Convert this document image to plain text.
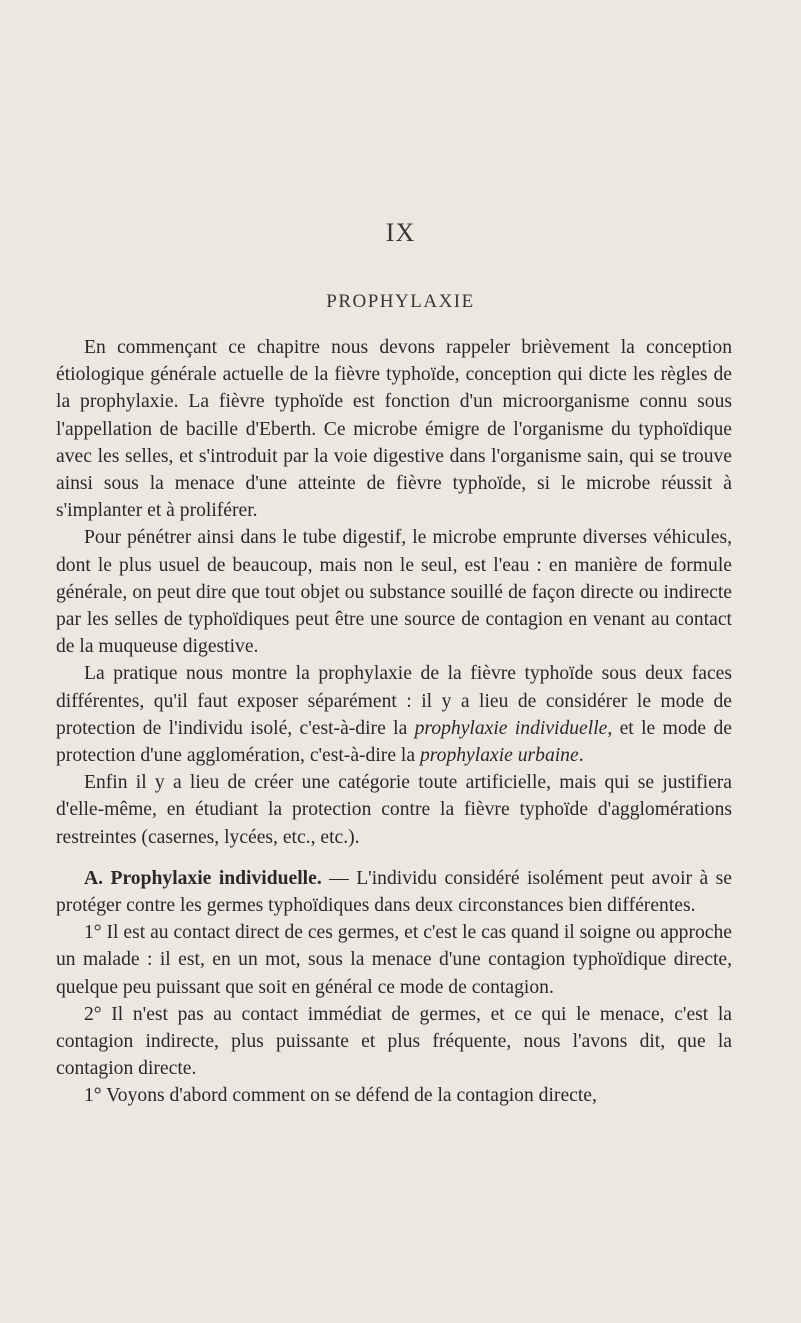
IX
PROPHYLAXIE

En commençant ce chapitre nous devons rappeler brièvement la conception étiologique générale actuelle de la fièvre typhoïde, conception qui dicte les règles de la prophylaxie. La fièvre typhoïde est fonction d'un microorganisme connu sous l'appellation de bacille d'Eberth. Ce microbe émigre de l'organisme du typhoïdique avec les selles, et s'introduit par la voie digestive dans l'organisme sain, qui se trouve ainsi sous la menace d'une atteinte de fièvre typhoïde, si le microbe réussit à s'implanter et à proliférer.

Pour pénétrer ainsi dans le tube digestif, le microbe emprunte diverses véhicules, dont le plus usuel de beaucoup, mais non le seul, est l'eau : en manière de formule générale, on peut dire que tout objet ou substance souillé de façon directe ou indirecte par les selles de typhoïdiques peut être une source de contagion en venant au contact de la muqueuse digestive.

La pratique nous montre la prophylaxie de la fièvre typhoïde sous deux faces différentes, qu'il faut exposer séparément : il y a lieu de considérer le mode de protection de l'individu isolé, c'est-à-dire la prophylaxie individuelle, et le mode de protection d'une agglomération, c'est-à-dire la prophylaxie urbaine.

Enfin il y a lieu de créer une catégorie toute artificielle, mais qui se justifiera d'elle-même, en étudiant la protection contre la fièvre typhoïde d'agglomérations restreintes (casernes, lycées, etc., etc.).

A. Prophylaxie individuelle. — L'individu considéré isolément peut avoir à se protéger contre les germes typhoïdiques dans deux circonstances bien différentes.

1° Il est au contact direct de ces germes, et c'est le cas quand il soigne ou approche un malade : il est, en un mot, sous la menace d'une contagion typhoïdique directe, quelque peu puissant que soit en général ce mode de contagion.

2° Il n'est pas au contact immédiat de germes, et ce qui le menace, c'est la contagion indirecte, plus puissante et plus fréquente, nous l'avons dit, que la contagion directe.

1° Voyons d'abord comment on se défend de la contagion directe,
